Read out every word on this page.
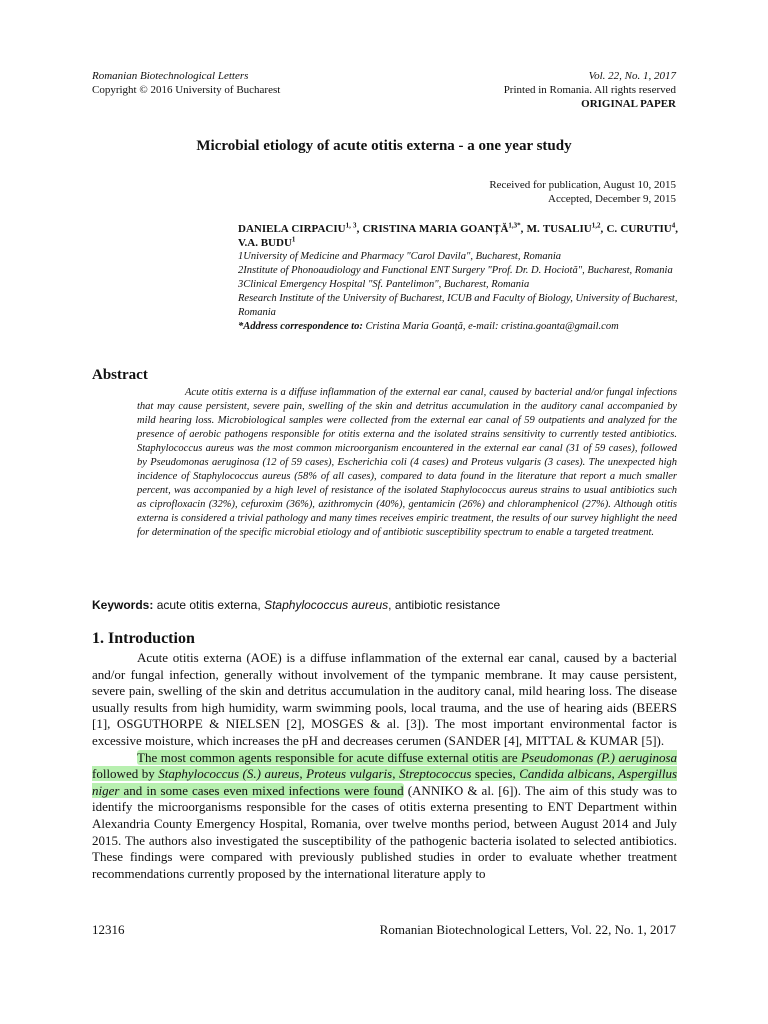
Romanian Biotechnological Letters
Copyright © 2016 University of Bucharest
Vol. 22, No. 1, 2017
Printed in Romania. All rights reserved
ORIGINAL PAPER
Microbial etiology of acute otitis externa - a one year study
Received for publication, August 10, 2015
Accepted, December 9, 2015
DANIELA CIRPACIU$^{1, 3}$, CRISTINA MARIA $GOANȚĂ^{1,3*}$, M. TUSALIU$^{1,2}$, C. CURUTIU$^4$, V.A. BUDU$^1$
1University of Medicine and Pharmacy "Carol Davila", Bucharest, Romania
2Institute of Phonoaudiology and Functional ENT Surgery "Prof. Dr. D. Hociotă", Bucharest, Romania
3Clinical Emergency Hospital "Sf. Pantelimon", Bucharest, Romania
Research Institute of the University of Bucharest, ICUB and Faculty of Biology, University of Bucharest, Romania
*Address correspondence to: Cristina Maria Goanță, e-mail: cristina.goanta@gmail.com
Abstract
Acute otitis externa is a diffuse inflammation of the external ear canal, caused by bacterial and/or fungal infections that may cause persistent, severe pain, swelling of the skin and detritus accumulation in the auditory canal accompanied by mild hearing loss. Microbiological samples were collected from the external ear canal of 59 outpatients and analyzed for the presence of aerobic pathogens responsible for otitis externa and the isolated strains sensitivity to currently tested antibiotics. Staphylococcus aureus was the most common microorganism encountered in the external ear canal (31 of 59 cases), followed by Pseudomonas aeruginosa (12 of 59 cases), Escherichia coli (4 cases) and Proteus vulgaris (3 cases). The unexpected high incidence of Staphylococcus aureus (58% of all cases), compared to data found in the literature that report a much smaller percent, was accompanied by a high level of resistance of the isolated Staphylococcus aureus strains to usual antibiotics such as ciprofloxacin (32%), cefuroxim (36%), azithromycin (40%), gentamicin (26%) and chloramphenicol (27%). Although otitis externa is considered a trivial pathology and many times receives empiric treatment, the results of our survey highlight the need for determination of the specific microbial etiology and of antibiotic susceptibility spectrum to enable a targeted treatment.
Keywords: acute otitis externa, Staphylococcus aureus, antibiotic resistance
1. Introduction

Acute otitis externa (AOE) is a diffuse inflammation of the external ear canal, caused by a bacterial and/or fungal infection, generally without involvement of the tympanic membrane. It may cause persistent, severe pain, swelling of the skin and detritus accumulation in the auditory canal, mild hearing loss. The disease usually results from high humidity, warm swimming pools, local trauma, and the use of hearing aids (BEERS [1], OSGUTHORPE & NIELSEN [2], MOSGES & al. [3]). The most important environmental factor is excessive moisture, which increases the pH and decreases cerumen (SANDER [4], MITTAL & KUMAR [5]).

The most common agents responsible for acute diffuse external otitis are Pseudomonas (P.) aeruginosa followed by Staphylococcus (S.) aureus, Proteus vulgaris, Streptococcus species, Candida albicans, Aspergillus niger and in some cases even mixed infections were found (ANNIKO & al. [6]). The aim of this study was to identify the microorganisms responsible for the cases of otitis externa presenting to ENT Department within Alexandria County Emergency Hospital, Romania, over twelve months period, between August 2014 and July 2015. The authors also investigated the susceptibility of the pathogenic bacteria isolated to selected antibiotics. These findings were compared with previously published studies in order to evaluate whether treatment recommendations currently proposed by the international literature apply to

12316	Romanian Biotechnological Letters, Vol. 22, No. 1, 2017
